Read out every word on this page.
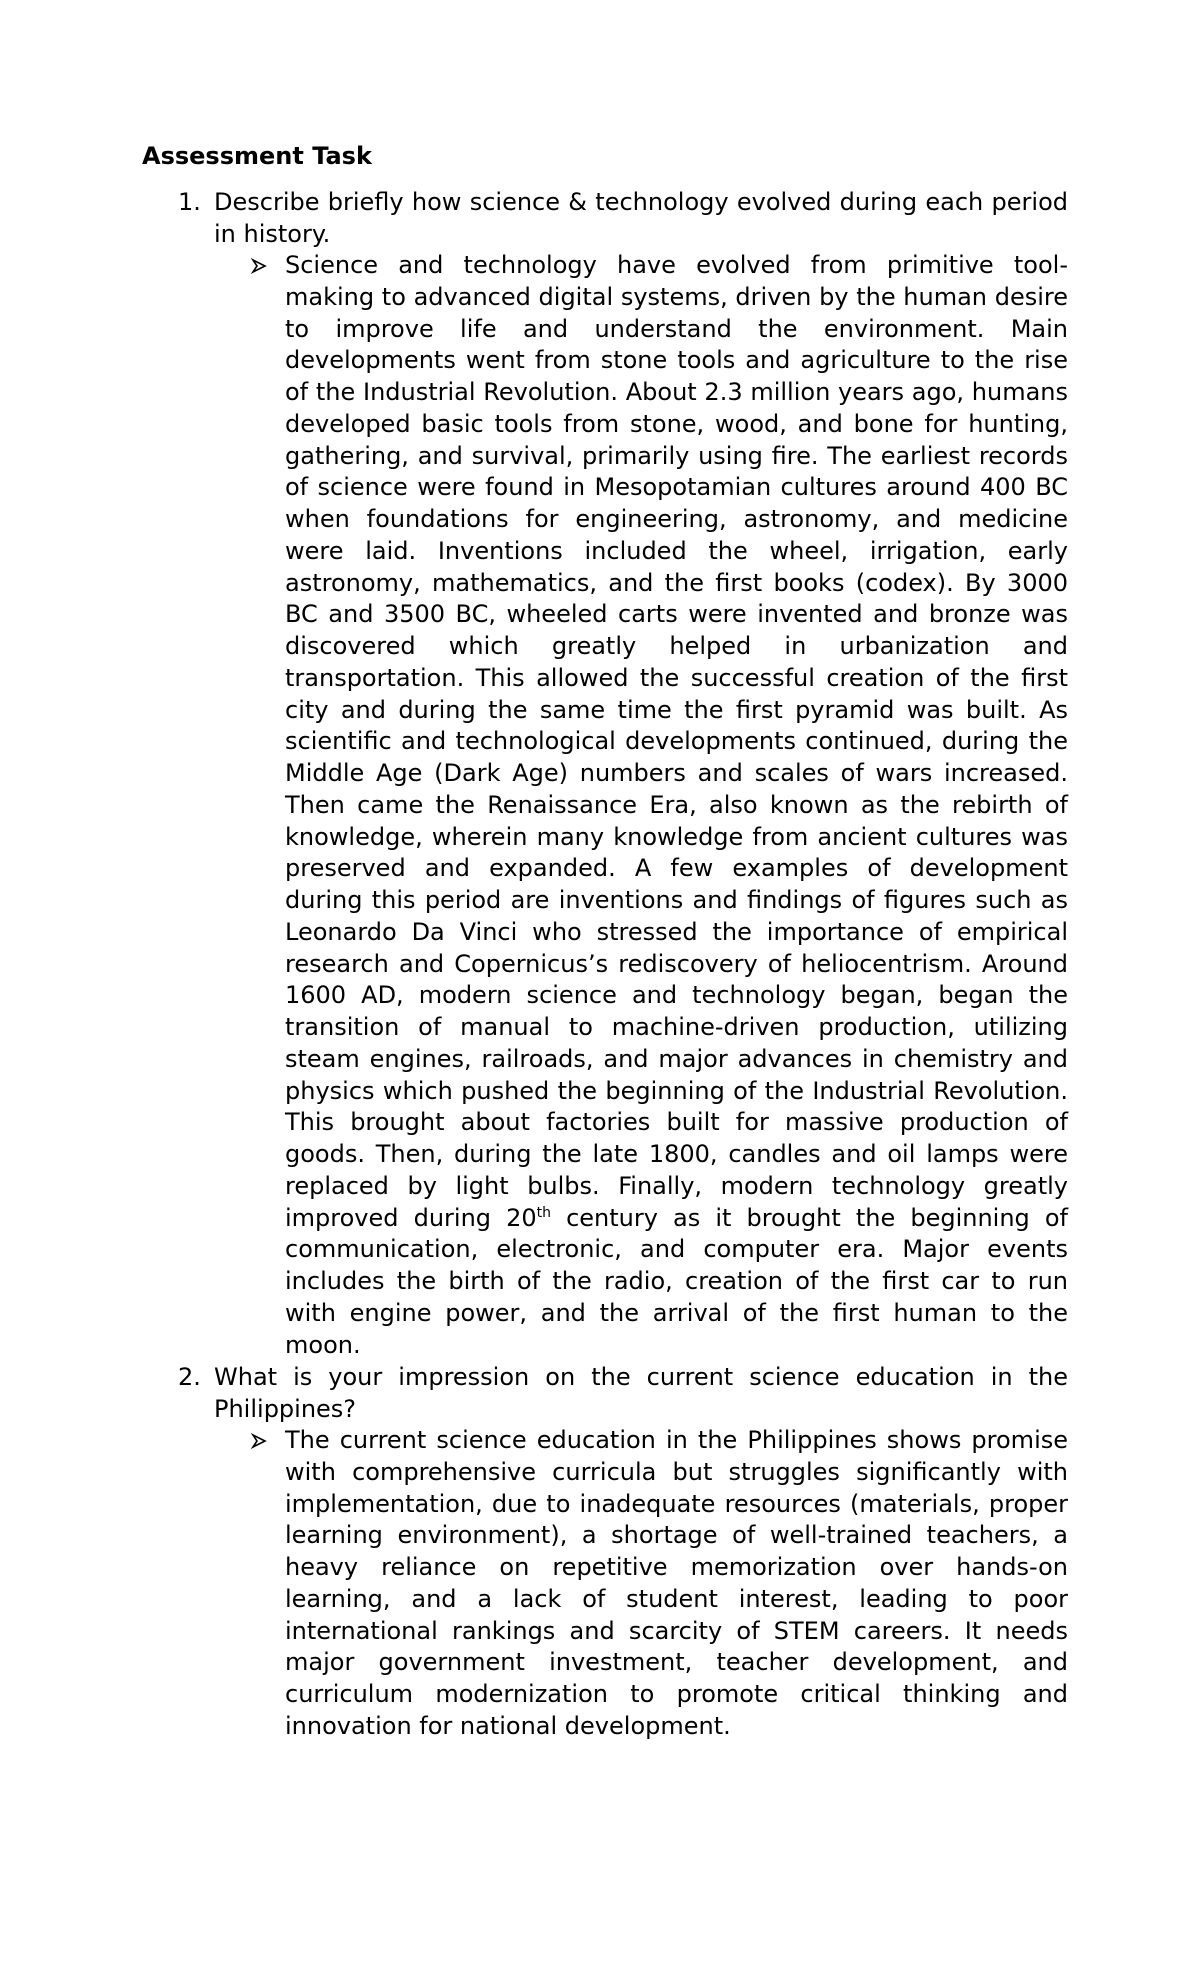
Assessment Task
1. Describe briefly how science & technology evolved during each period in history.
Science and technology have evolved from primitive tool-making to advanced digital systems, driven by the human desire to improve life and understand the environment. Main developments went from stone tools and agriculture to the rise of the Industrial Revolution. About 2.3 million years ago, humans developed basic tools from stone, wood, and bone for hunting, gathering, and survival, primarily using fire. The earliest records of science were found in Mesopotamian cultures around 400 BC when foundations for engineering, astronomy, and medicine were laid. Inventions included the wheel, irrigation, early astronomy, mathematics, and the first books (codex). By 3000 BC and 3500 BC, wheeled carts were invented and bronze was discovered which greatly helped in urbanization and transportation. This allowed the successful creation of the first city and during the same time the first pyramid was built. As scientific and technological developments continued, during the Middle Age (Dark Age) numbers and scales of wars increased. Then came the Renaissance Era, also known as the rebirth of knowledge, wherein many knowledge from ancient cultures was preserved and expanded. A few examples of development during this period are inventions and findings of figures such as Leonardo Da Vinci who stressed the importance of empirical research and Copernicus’s rediscovery of heliocentrism. Around 1600 AD, modern science and technology began, began the transition of manual to machine-driven production, utilizing steam engines, railroads, and major advances in chemistry and physics which pushed the beginning of the Industrial Revolution. This brought about factories built for massive production of goods. Then, during the late 1800, candles and oil lamps were replaced by light bulbs. Finally, modern technology greatly improved during 20th century as it brought the beginning of communication, electronic, and computer era. Major events includes the birth of the radio, creation of the first car to run with engine power, and the arrival of the first human to the moon.
2. What is your impression on the current science education in the Philippines?
The current science education in the Philippines shows promise with comprehensive curricula but struggles significantly with implementation, due to inadequate resources (materials, proper learning environment), a shortage of well-trained teachers, a heavy reliance on repetitive memorization over hands-on learning, and a lack of student interest, leading to poor international rankings and scarcity of STEM careers. It needs major government investment, teacher development, and curriculum modernization to promote critical thinking and innovation for national development.
